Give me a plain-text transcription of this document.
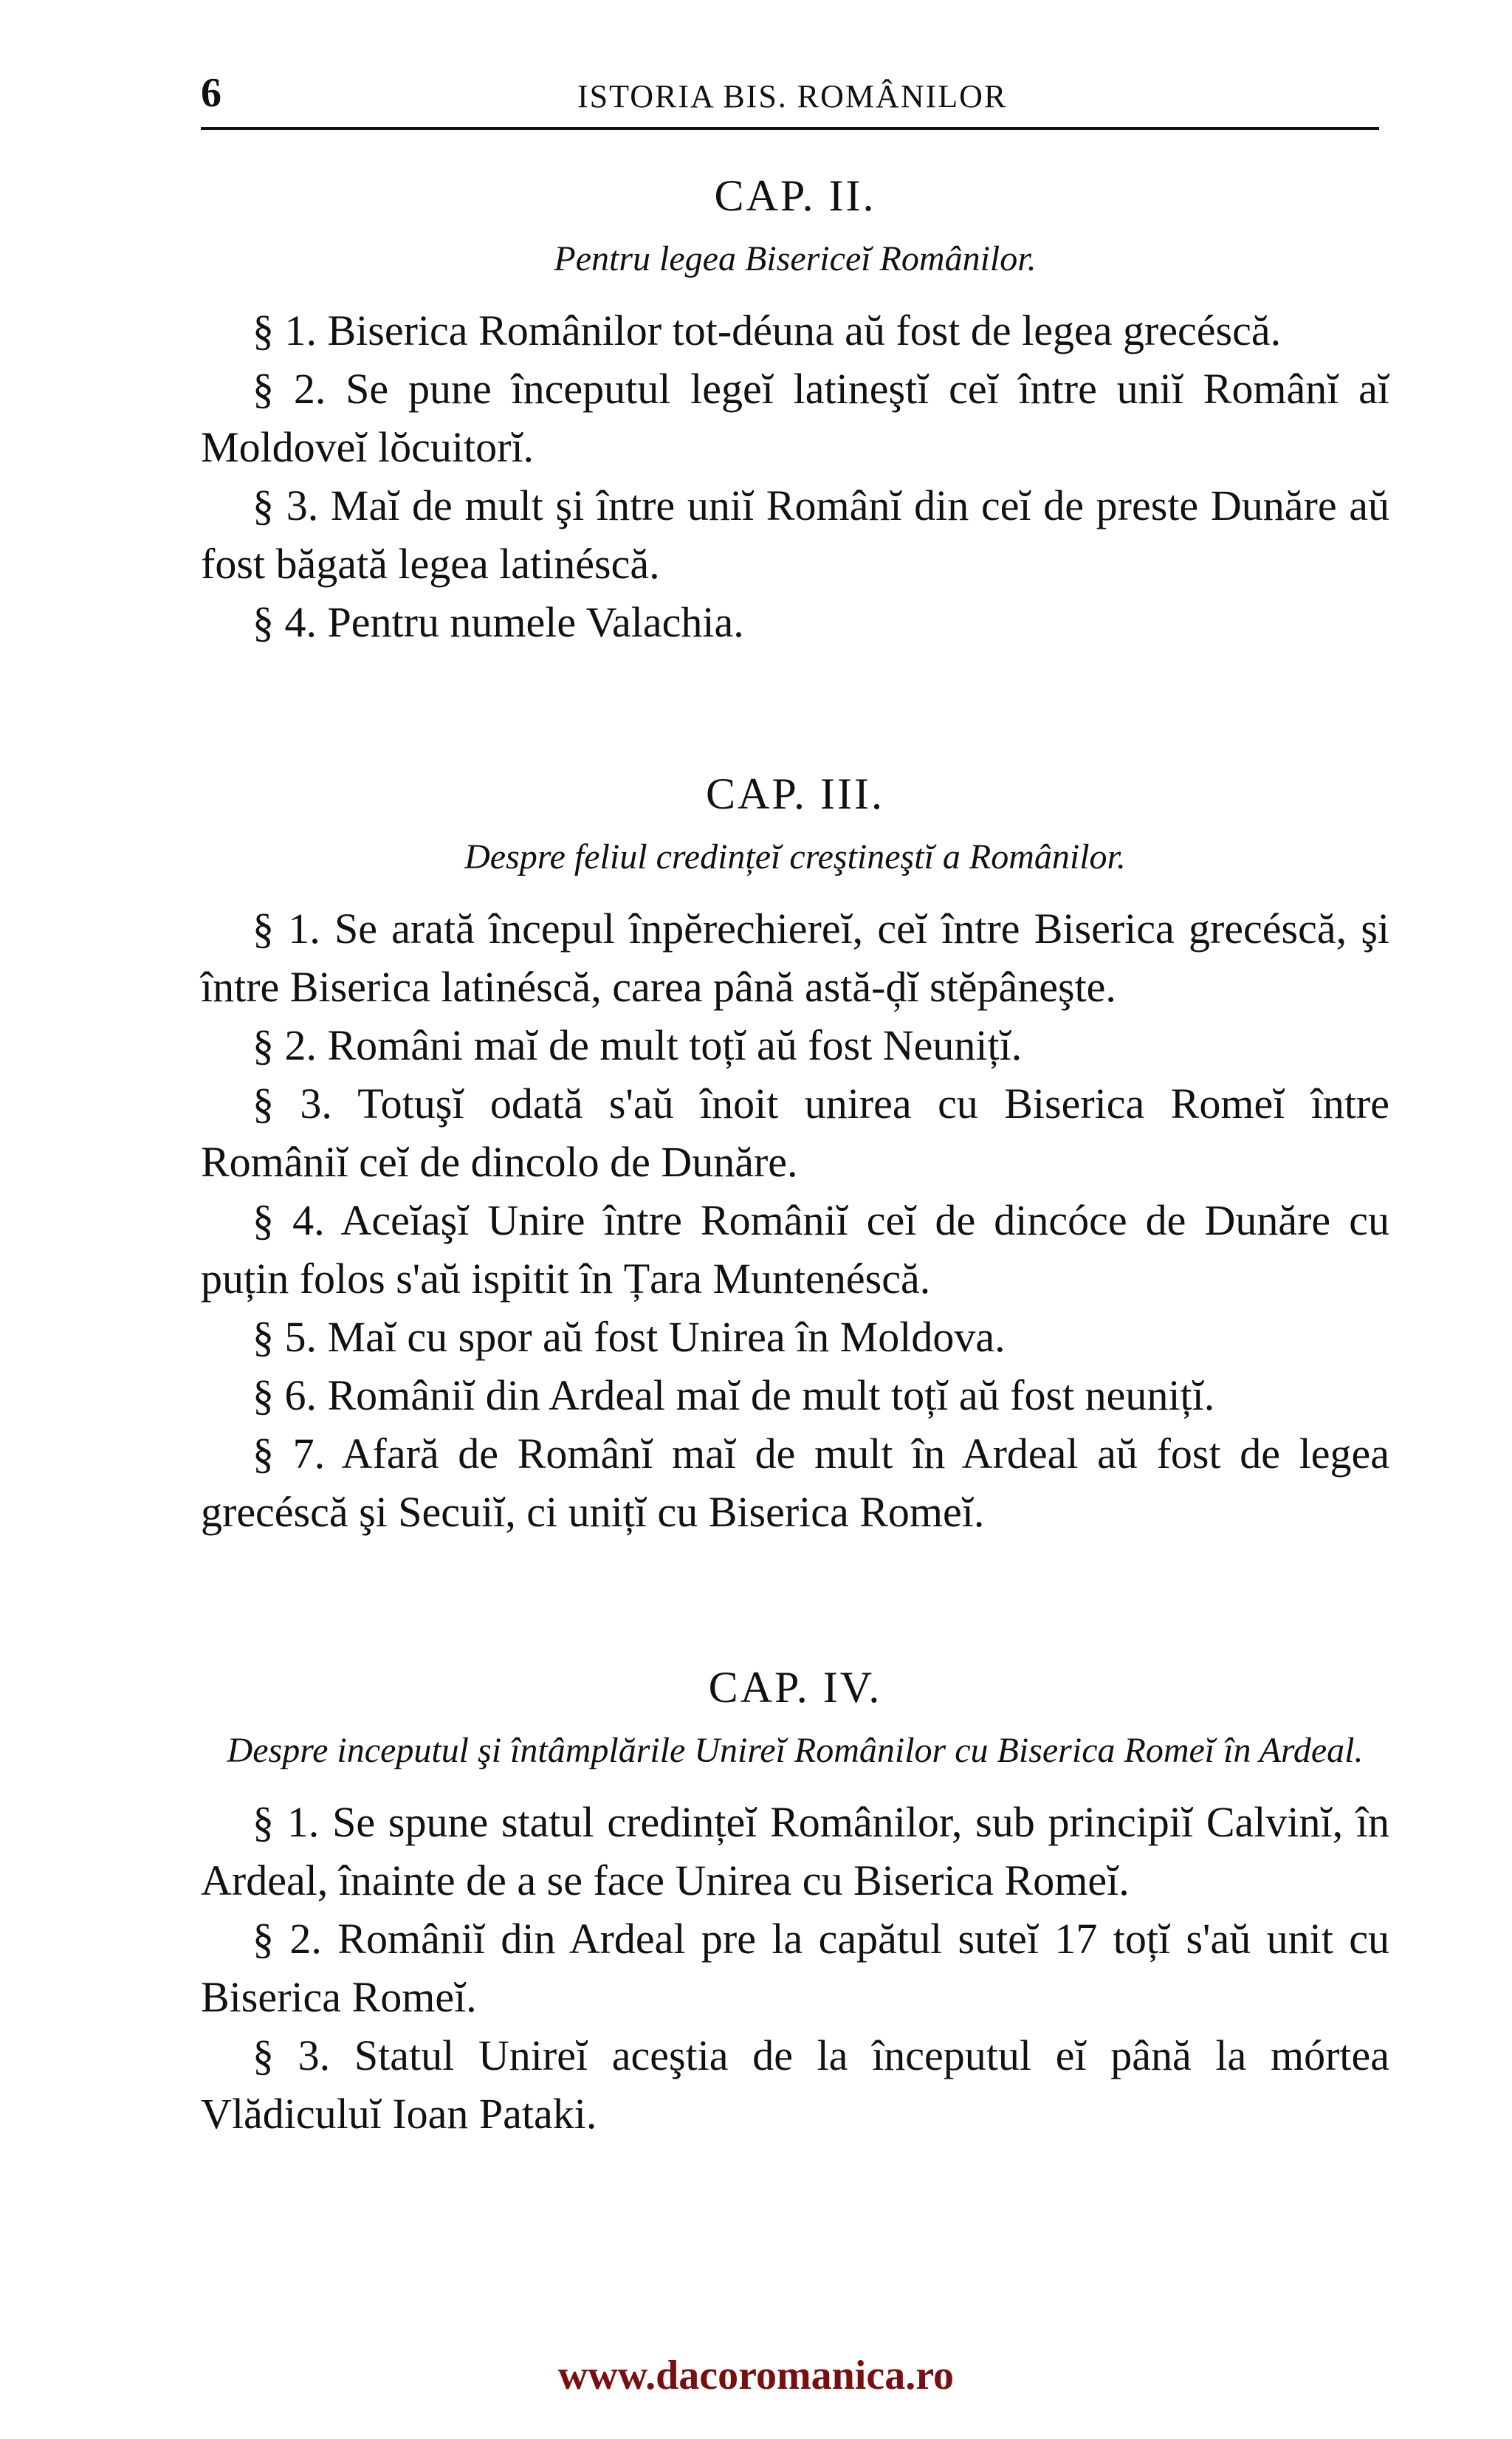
6	ISTORIA BIS. ROMÂNILOR
CAP. II.
Pentru legea Bisericeĭ Românilor.

§ 1. Biserica Românilor tot-déuna aŭ fost de legea grecéscă.

§ 2. Se pune începutul legeĭ latineştĭ ceĭ între uniĭ Românĭ aĭ Moldoveĭ lŏcuitorĭ.

§ 3. Maĭ de mult şi între uniĭ Românĭ din ceĭ de preste Dunăre aŭ fost băgată legea latinéscă.

§ 4. Pentru numele Valachia.

CAP. III.
Despre feliul credințeĭ creştineştĭ a Românilor.

§ 1. Se arată începul înpĕrechiereĭ, ceĭ între Biserica grecéscă, şi între Biserica latinéscă, carea până astă-ḑĭ stĕpâneşte.

§ 2. Români maĭ de mult toțĭ aŭ fost Neunițĭ.

§ 3. Totuşĭ odată s'aŭ înoit unirea cu Biserica Romeĭ între Româniĭ ceĭ de dincolo de Dunăre.

§ 4. Aceĭaşĭ Unire între Româniĭ ceĭ de dincóce de Dunăre cu puțin folos s'aŭ ispitit în Țara Muntenéscă.

§ 5. Maĭ cu spor aŭ fost Unirea în Moldova.

§ 6. Româniĭ din Ardeal maĭ de mult toțĭ aŭ fost neunițĭ.

§ 7. Afară de Românĭ maĭ de mult în Ardeal aŭ fost de legea grecéscă şi Secuiĭ, ci unițĭ cu Biserica Romeĭ.

CAP. IV.
Despre inceputul şi întâmplările Unireĭ Românilor cu Biserica Romeĭ în Ardeal.

§ 1. Se spune statul credințeĭ Românilor, sub principiĭ Calvinĭ, în Ardeal, înainte de a se face Unirea cu Biserica Romeĭ.

§ 2. Româniĭ din Ardeal pre la capătul suteĭ 17 toțĭ s'aŭ unit cu Biserica Romeĭ.

§ 3. Statul Unireĭ aceştia de la începutul eĭ până la mórtea Vlădiculuĭ Ioan Pataki.

www.dacoromanica.ro
